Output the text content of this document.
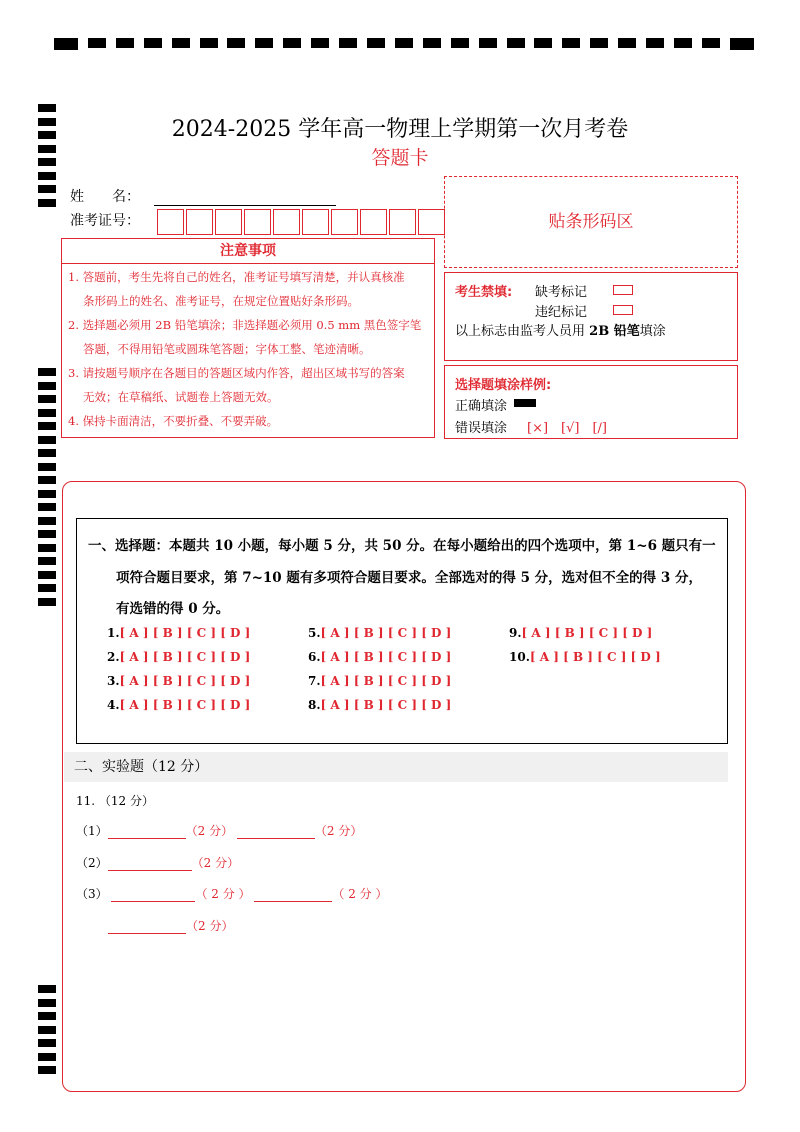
2024-2025 学年高一物理上学期第一次月考卷
答题卡
姓　　名：
准考证号：
注意事项

1. 答题前，考生先将自己的姓名，准考证号填写清楚，并认真核准

条形码上的姓名、准考证号，在规定位置贴好条形码。

2. 选择题必须用 2B 铅笔填涂；非选择题必须用 0.5 mm 黑色签字笔

答题，不得用铅笔或圆珠笔答题；字体工整、笔迹清晰。

3. 请按题号顺序在各题目的答题区域内作答，超出区域书写的答案

无效；在草稿纸、试题卷上答题无效。

4. 保持卡面清洁，不要折叠、不要弄破。

贴条形码区
考生禁填: 缺考标记
违纪标记
以上标志由监考人员用 2B 铅笔填涂
选择题填涂样例:
正确填涂
错误填涂 [×]　[√]　[/]
一、选择题：本题共 10 小题，每小题 5 分，共 50 分。在每小题给出的四个选项中，第 1~6 题只有一
项符合题目要求，第 7~10 题有多项符合题目要求。全部选对的得 5 分，选对但不全的得 3 分，
有选错的得 0 分。
1.[ A ] [ B ] [ C ] [ D ]
2.[ A ] [ B ] [ C ] [ D ]
3.[ A ] [ B ] [ C ] [ D ]
4.[ A ] [ B ] [ C ] [ D ]
5.[ A ] [ B ] [ C ] [ D ]
6.[ A ] [ B ] [ C ] [ D ]
7.[ A ] [ B ] [ C ] [ D ]
8.[ A ] [ B ] [ C ] [ D ]
9.[ A ] [ B ] [ C ] [ D ]
10.[ A ] [ B ] [ C ] [ D ]
二、实验题（12 分）
11. （12 分）
（1）	（2 分）	（2 分）
（2）	（2 分）
（3）	（ 2 分 ）	（ 2 分 ）
（2 分）
